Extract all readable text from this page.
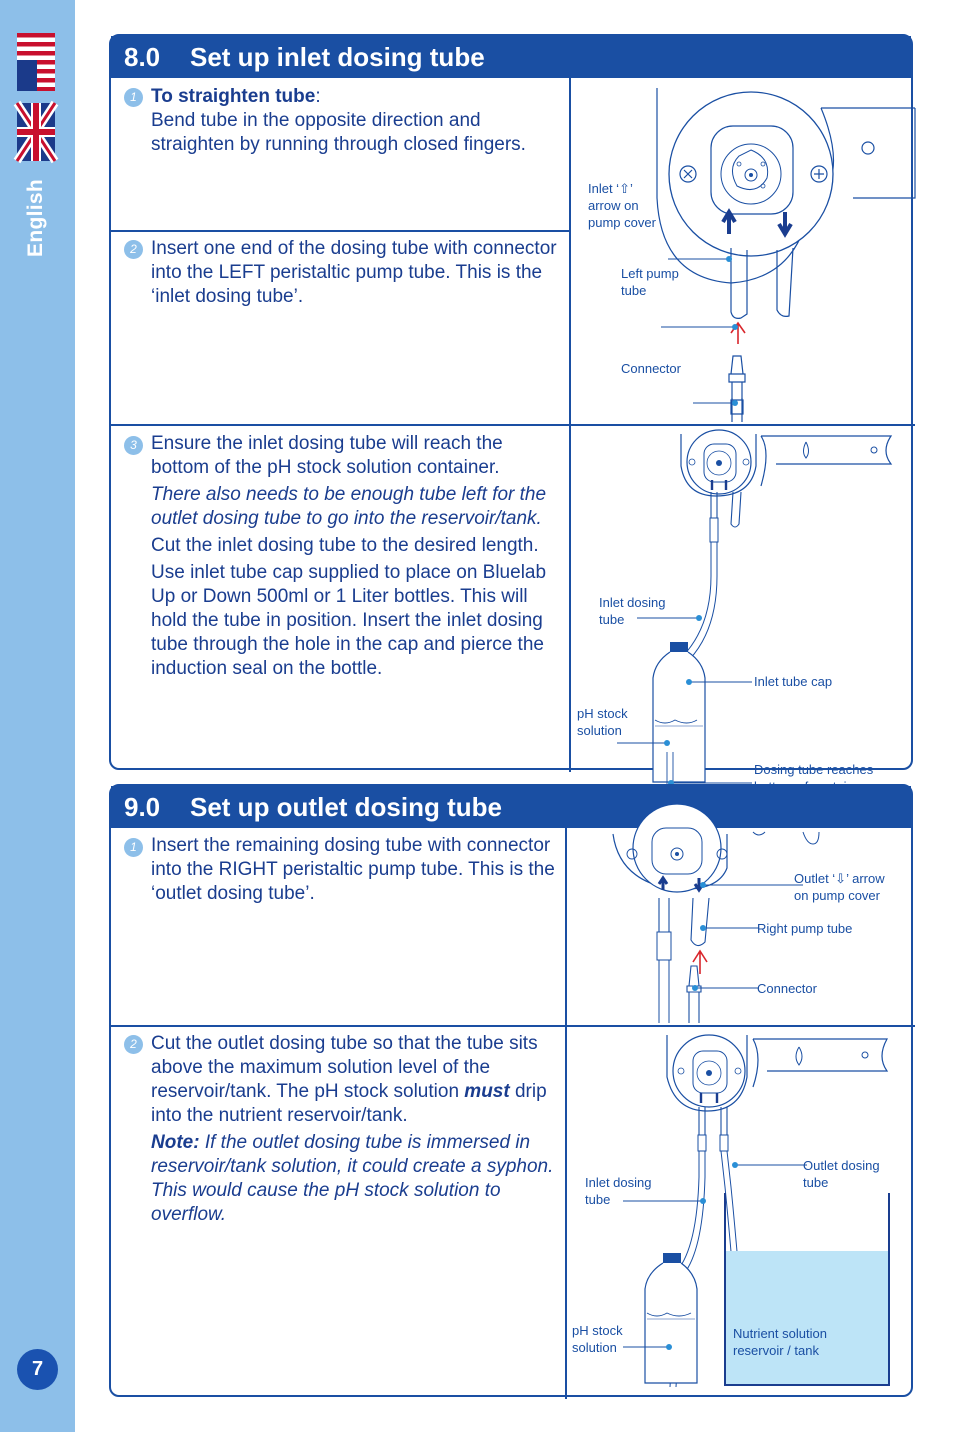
English
7
8.0 Set up inlet dosing tube
1 To straighten tube:
Bend tube in the opposite direction and straighten by running through closed fingers.
2 Insert one end of the dosing tube with connector into the LEFT peristaltic pump tube. This is the ‘inlet dosing tube’.
3 Ensure the inlet dosing tube will reach the bottom of the pH stock solution container.

There also needs to be enough tube left for the outlet dosing tube to go into the reservoir/tank.

Cut the inlet dosing tube to the desired length.

Use inlet tube cap supplied to place on Bluelab Up or Down 500ml or 1 Liter bottles. This will hold the tube in position. Insert the inlet dosing tube through the hole in the cap and pierce the induction seal on the bottle.

Inlet ‘⇧’
arrow on
pump cover
Left pump
tube
Connector
Inlet dosing
tube
Inlet tube cap
pH stock
solution
Dosing tube reaches

9.0 Set up outlet dosing tube
1 Insert the remaining dosing tube with connector into the RIGHT peristaltic pump tube. This is the ‘outlet dosing tube’.
2 Cut the outlet dosing tube so that the tube sits above the maximum solution level of the reservoir/tank. The pH stock solution must drip into the nutrient reservoir/tank.

Note: If the outlet dosing tube is immersed in reservoir/tank solution, it could create a syphon. This would cause the pH stock solution to overflow.

Outlet ‘⇩’ arrow
on pump cover
Right pump tube
Connector
Outlet dosing
tube
Inlet dosing
tube
pH stock
solution
Nutrient solution
reservoir / tank
